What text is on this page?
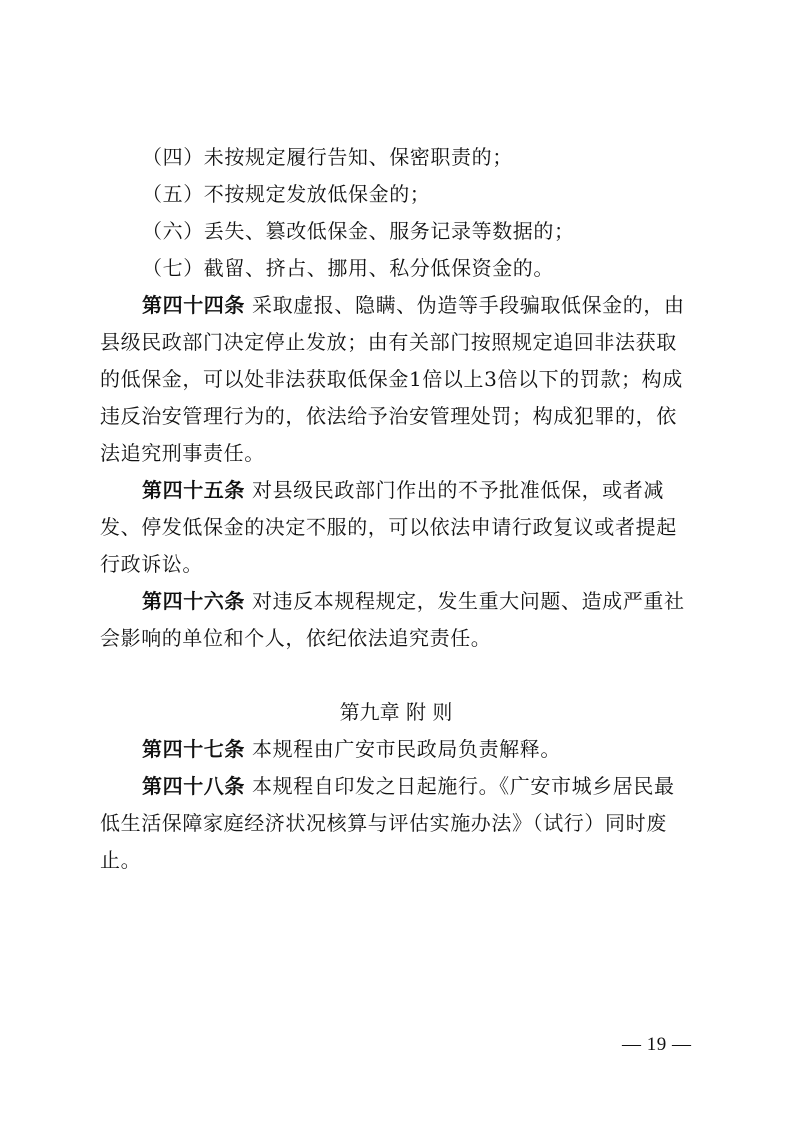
（四）未按规定履行告知、保密职责的；
（五）不按规定发放低保金的；
（六）丢失、篡改低保金、服务记录等数据的；
（七）截留、挤占、挪用、私分低保资金的。
第四十四条 采取虚报、隐瞒、伪造等手段骗取低保金的，由县级民政部门决定停止发放；由有关部门按照规定追回非法获取的低保金，可以处非法获取低保金1倍以上3倍以下的罚款；构成违反治安管理行为的，依法给予治安管理处罚；构成犯罪的，依法追究刑事责任。
第四十五条 对县级民政部门作出的不予批准低保，或者减发、停发低保金的决定不服的，可以依法申请行政复议或者提起行政诉讼。
第四十六条 对违反本规程规定，发生重大问题、造成严重社会影响的单位和个人，依纪依法追究责任。
第九章 附 则
第四十七条 本规程由广安市民政局负责解释。
第四十八条 本规程自印发之日起施行。《广安市城乡居民最低生活保障家庭经济状况核算与评估实施办法》（试行）同时废止。
— 19 —
